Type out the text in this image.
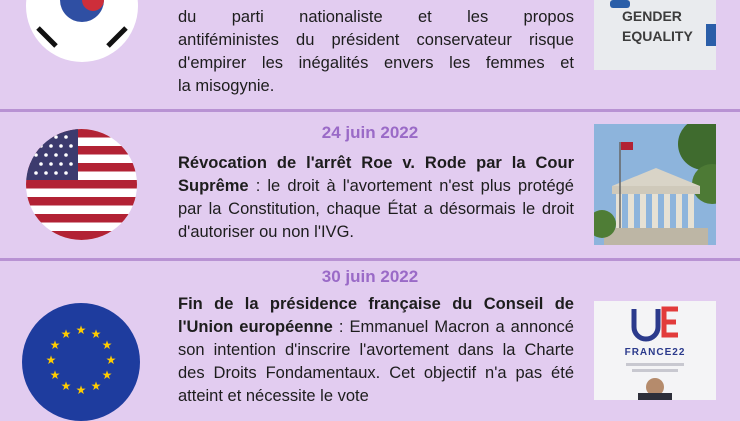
du parti nationaliste et les propos
antiféministes du président conservateur risque
d'empirer les inégalités envers les femmes et
la misogynie.
GENDER
EQUALITY
24 juin 2022
Révocation de l'arrêt Roe v. Rode par la Cour Suprême : le droit à l'avortement n'est plus protégé par la Constitution, chaque État a désormais le droit d'autoriser ou non l'IVG.
30 juin 2022
★ ★
★
★
★
★
★
★
★
★
★
★
Fin de la présidence française du Conseil de l'Union européenne : Emmanuel Macron a annoncé son intention d'inscrire l'avortement dans la Charte des Droits Fondamentaux. Cet objectif n'a pas été atteint et nécessite le vote
FRANCE22
